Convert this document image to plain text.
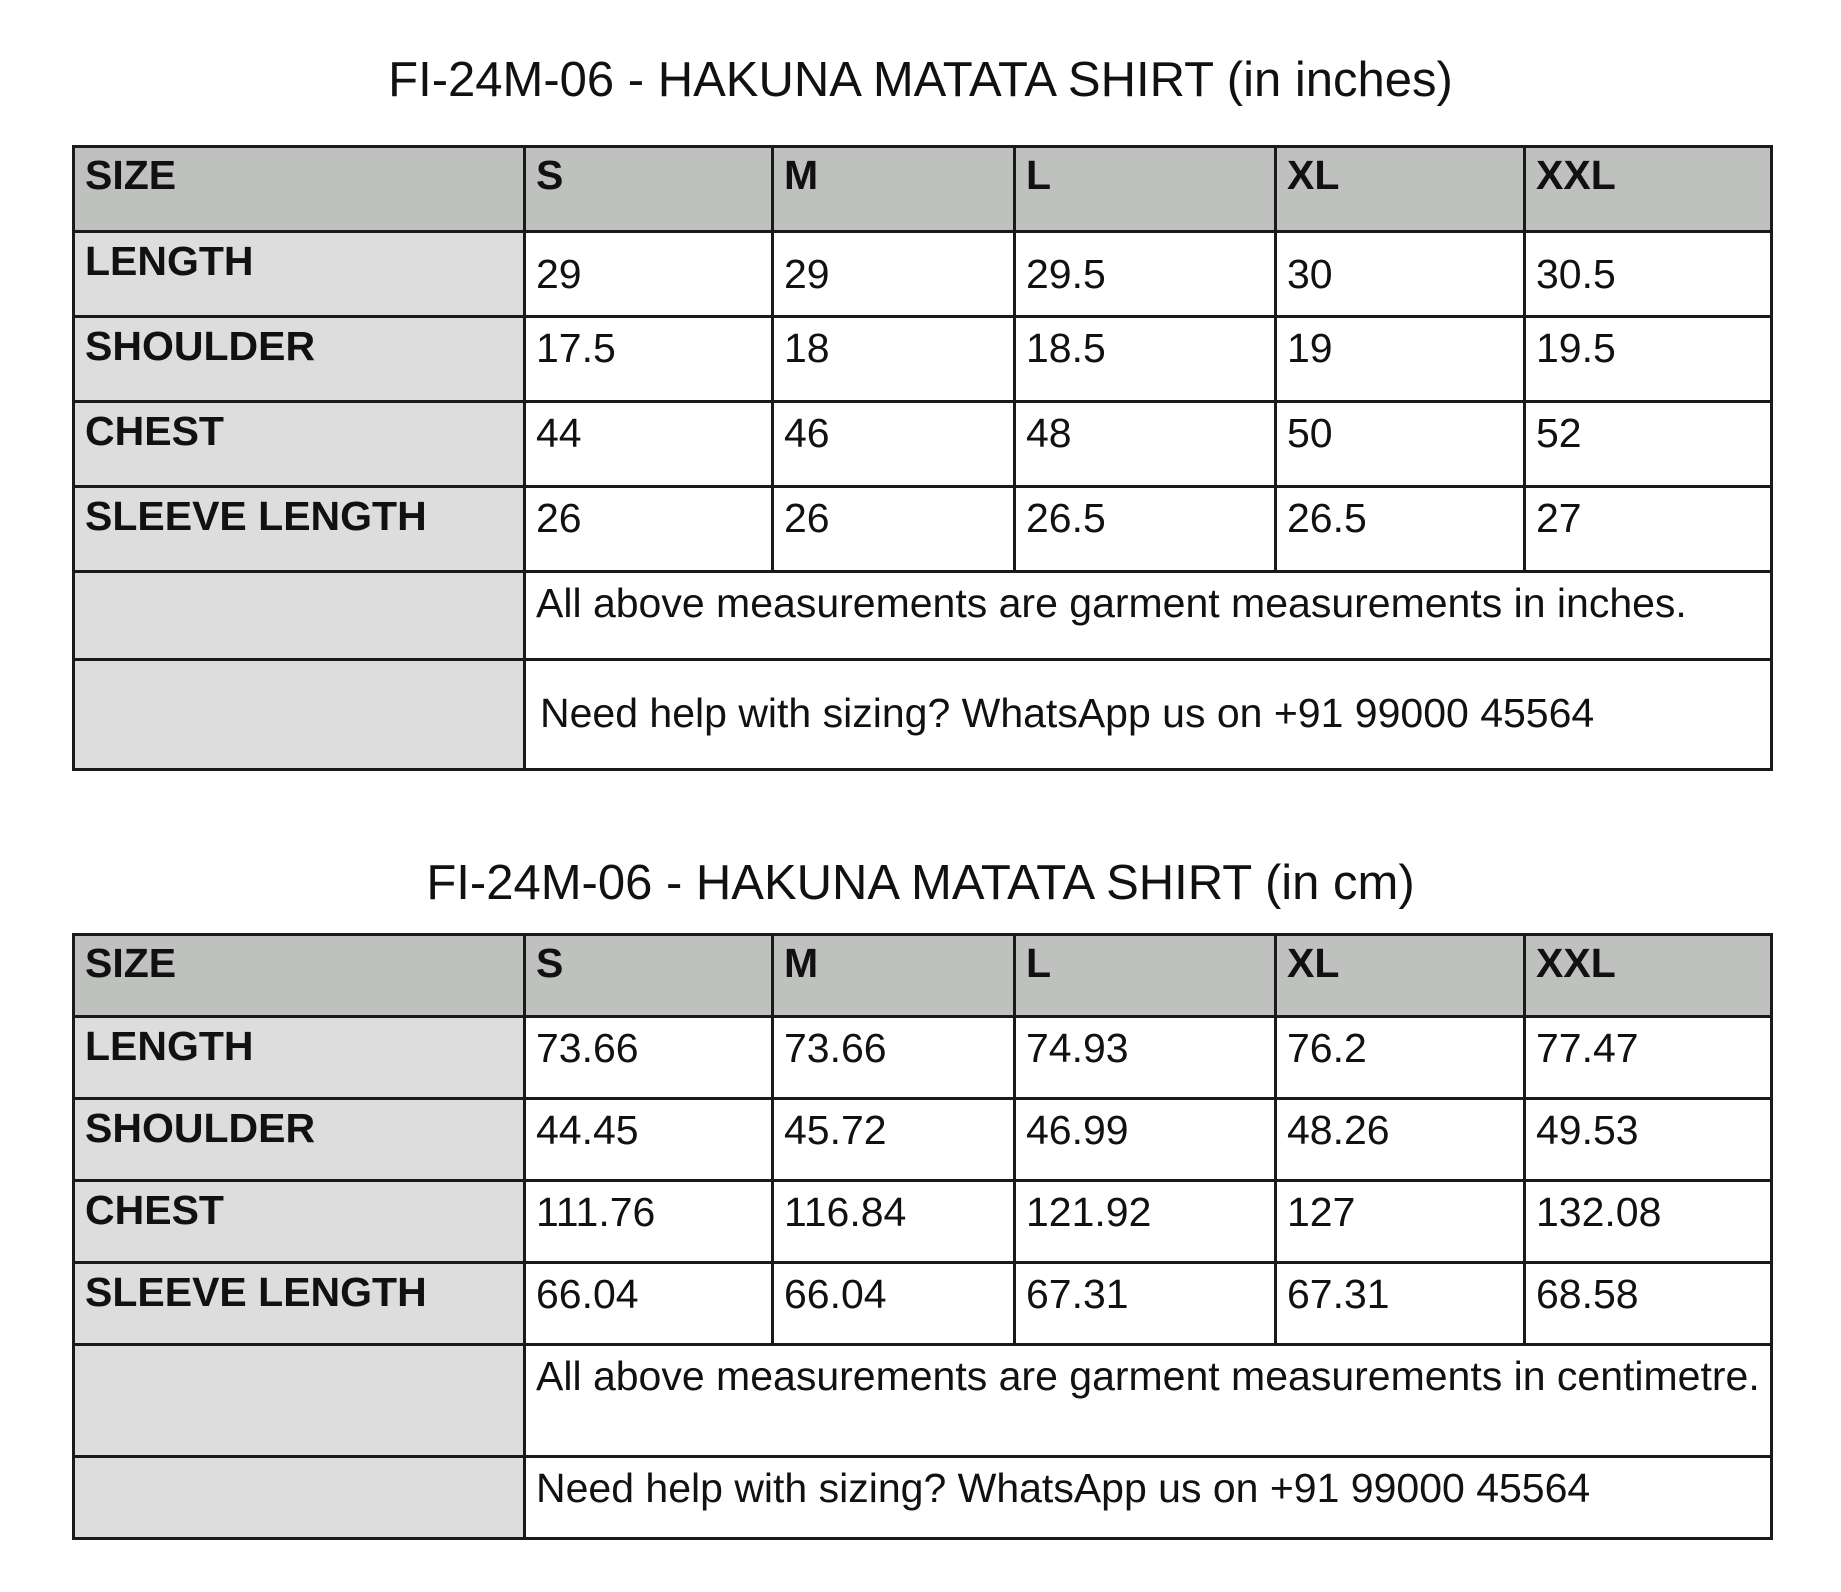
FI-24M-06 - HAKUNA MATATA SHIRT (in inches)
SIZE	S	M	L	XL	XXL
LENGTH	29	29	29.5	30	30.5
SHOULDER	17.5	18	18.5	19	19.5
CHEST	44	46	48	50	52
SLEEVE LENGTH	26	26	26.5	26.5	27
	All above measurements are garment measurements in inches.				
	Need help with sizing? WhatsApp us on +91 99000 45564				
FI-24M-06 - HAKUNA MATATA SHIRT (in cm)
SIZE	S	M	L	XL	XXL
LENGTH	73.66	73.66	74.93	76.2	77.47
SHOULDER	44.45	45.72	46.99	48.26	49.53
CHEST	111.76	116.84	121.92	127	132.08
SLEEVE LENGTH	66.04	66.04	67.31	67.31	68.58
	All above measurements are garment measurements in centimetre.				
	Need help with sizing? WhatsApp us on +91 99000 45564				
